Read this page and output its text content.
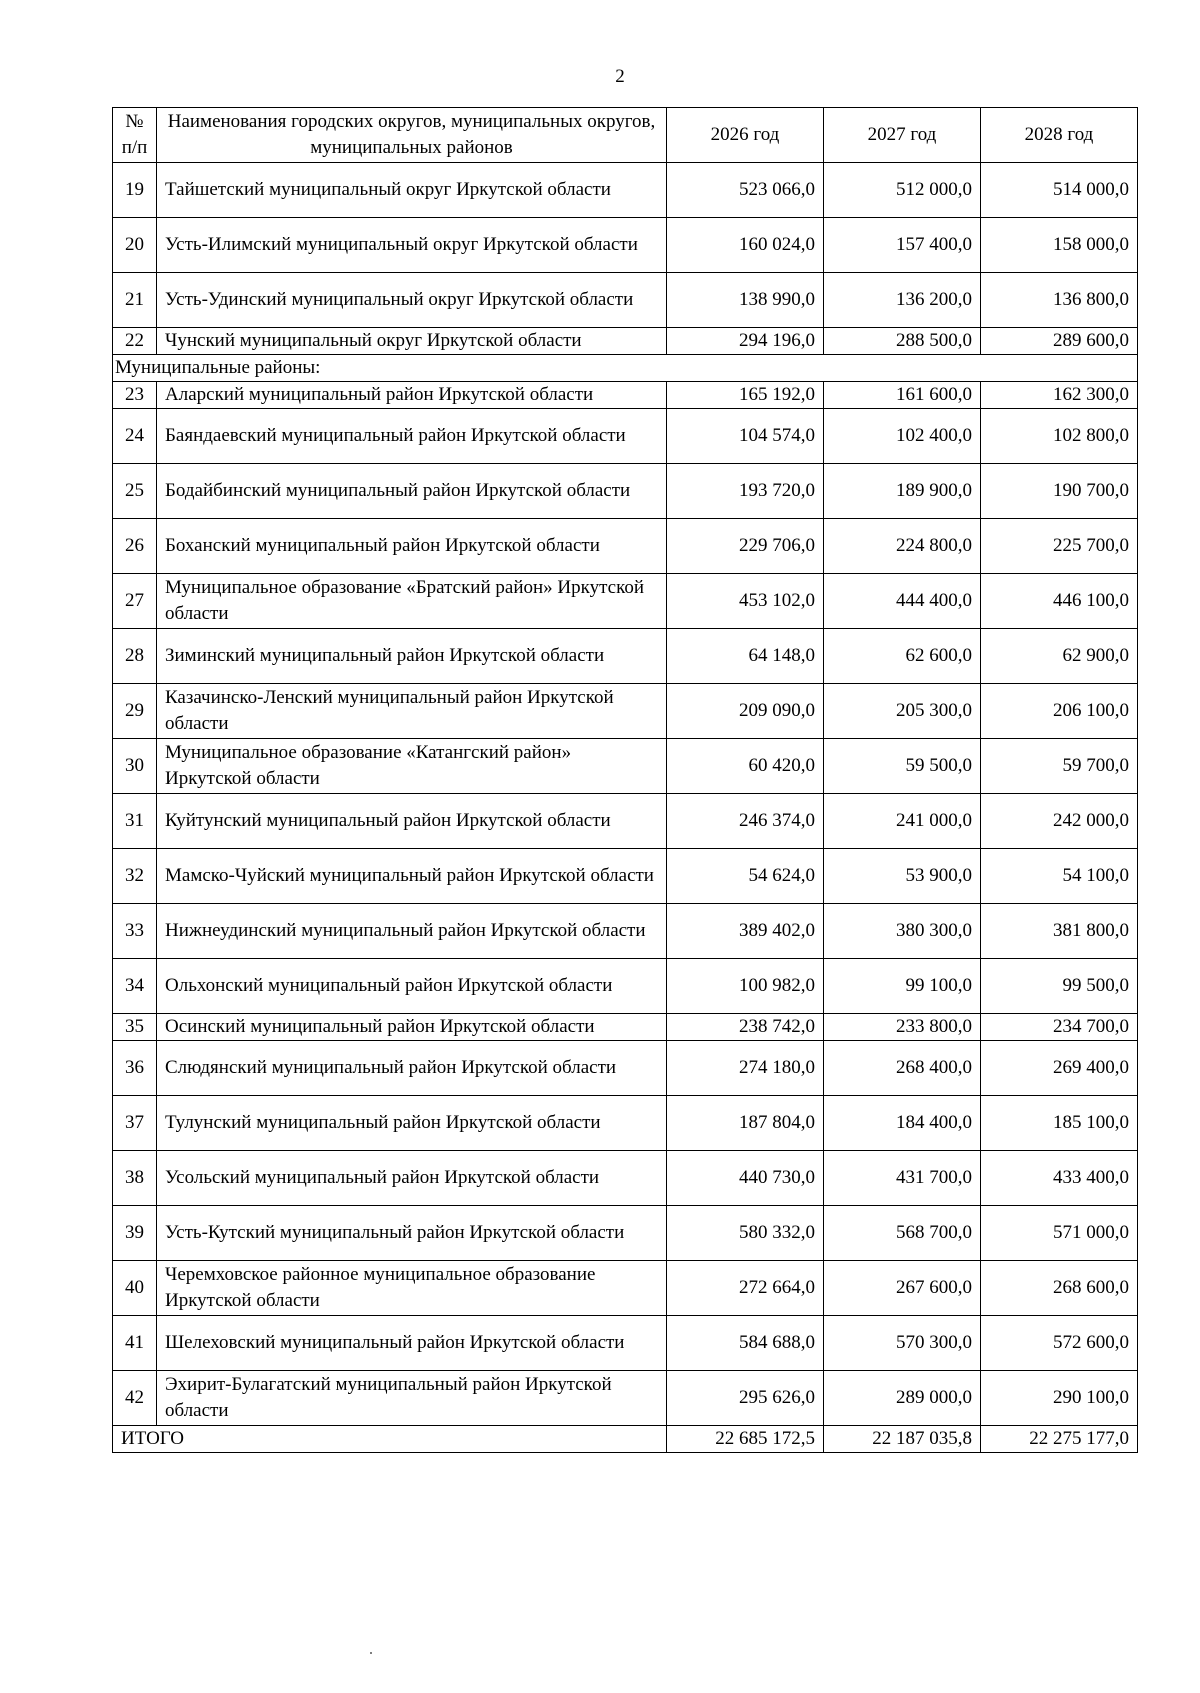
2
№ п/п	Наименования городских округов, муниципальных округов, муниципальных районов	2026 год	2027 год	2028 год
19	Тайшетский муниципальный округ Иркутской области	523 066,0	512 000,0	514 000,0
20	Усть-Илимский муниципальный округ Иркутской области	160 024,0	157 400,0	158 000,0
21	Усть-Удинский муниципальный округ Иркутской области	138 990,0	136 200,0	136 800,0
22	Чунский муниципальный округ Иркутской области	294 196,0	288 500,0	289 600,0
Муниципальные районы:				
23	Аларский муниципальный район Иркутской области	165 192,0	161 600,0	162 300,0
24	Баяндаевский муниципальный район Иркутской области	104 574,0	102 400,0	102 800,0
25	Бодайбинский муниципальный район Иркутской области	193 720,0	189 900,0	190 700,0
26	Боханский муниципальный район Иркутской области	229 706,0	224 800,0	225 700,0
27	Муниципальное образование «Братский район» Иркутской области	453 102,0	444 400,0	446 100,0
28	Зиминский муниципальный район Иркутской области	64 148,0	62 600,0	62 900,0
29	Казачинско-Ленский муниципальный район Иркутской области	209 090,0	205 300,0	206 100,0
30	Муниципальное образование «Катангский район» Иркутской области	60 420,0	59 500,0	59 700,0
31	Куйтунский муниципальный район Иркутской области	246 374,0	241 000,0	242 000,0
32	Мамско-Чуйский муниципальный район Иркутской области	54 624,0	53 900,0	54 100,0
33	Нижнеудинский муниципальный район Иркутской области	389 402,0	380 300,0	381 800,0
34	Ольхонский муниципальный район Иркутской области	100 982,0	99 100,0	99 500,0
35	Осинский муниципальный район Иркутской области	238 742,0	233 800,0	234 700,0
36	Слюдянский муниципальный район Иркутской области	274 180,0	268 400,0	269 400,0
37	Тулунский муниципальный район Иркутской области	187 804,0	184 400,0	185 100,0
38	Усольский муниципальный район Иркутской области	440 730,0	431 700,0	433 400,0
39	Усть-Кутский муниципальный район Иркутской области	580 332,0	568 700,0	571 000,0
40	Черемховское районное муниципальное образование Иркутской области	272 664,0	267 600,0	268 600,0
41	Шелеховский муниципальный район Иркутской области	584 688,0	570 300,0	572 600,0
42	Эхирит-Булагатский муниципальный район Иркутской области	295 626,0	289 000,0	290 100,0
ИТОГО		22 685 172,5	22 187 035,8	22 275 177,0
